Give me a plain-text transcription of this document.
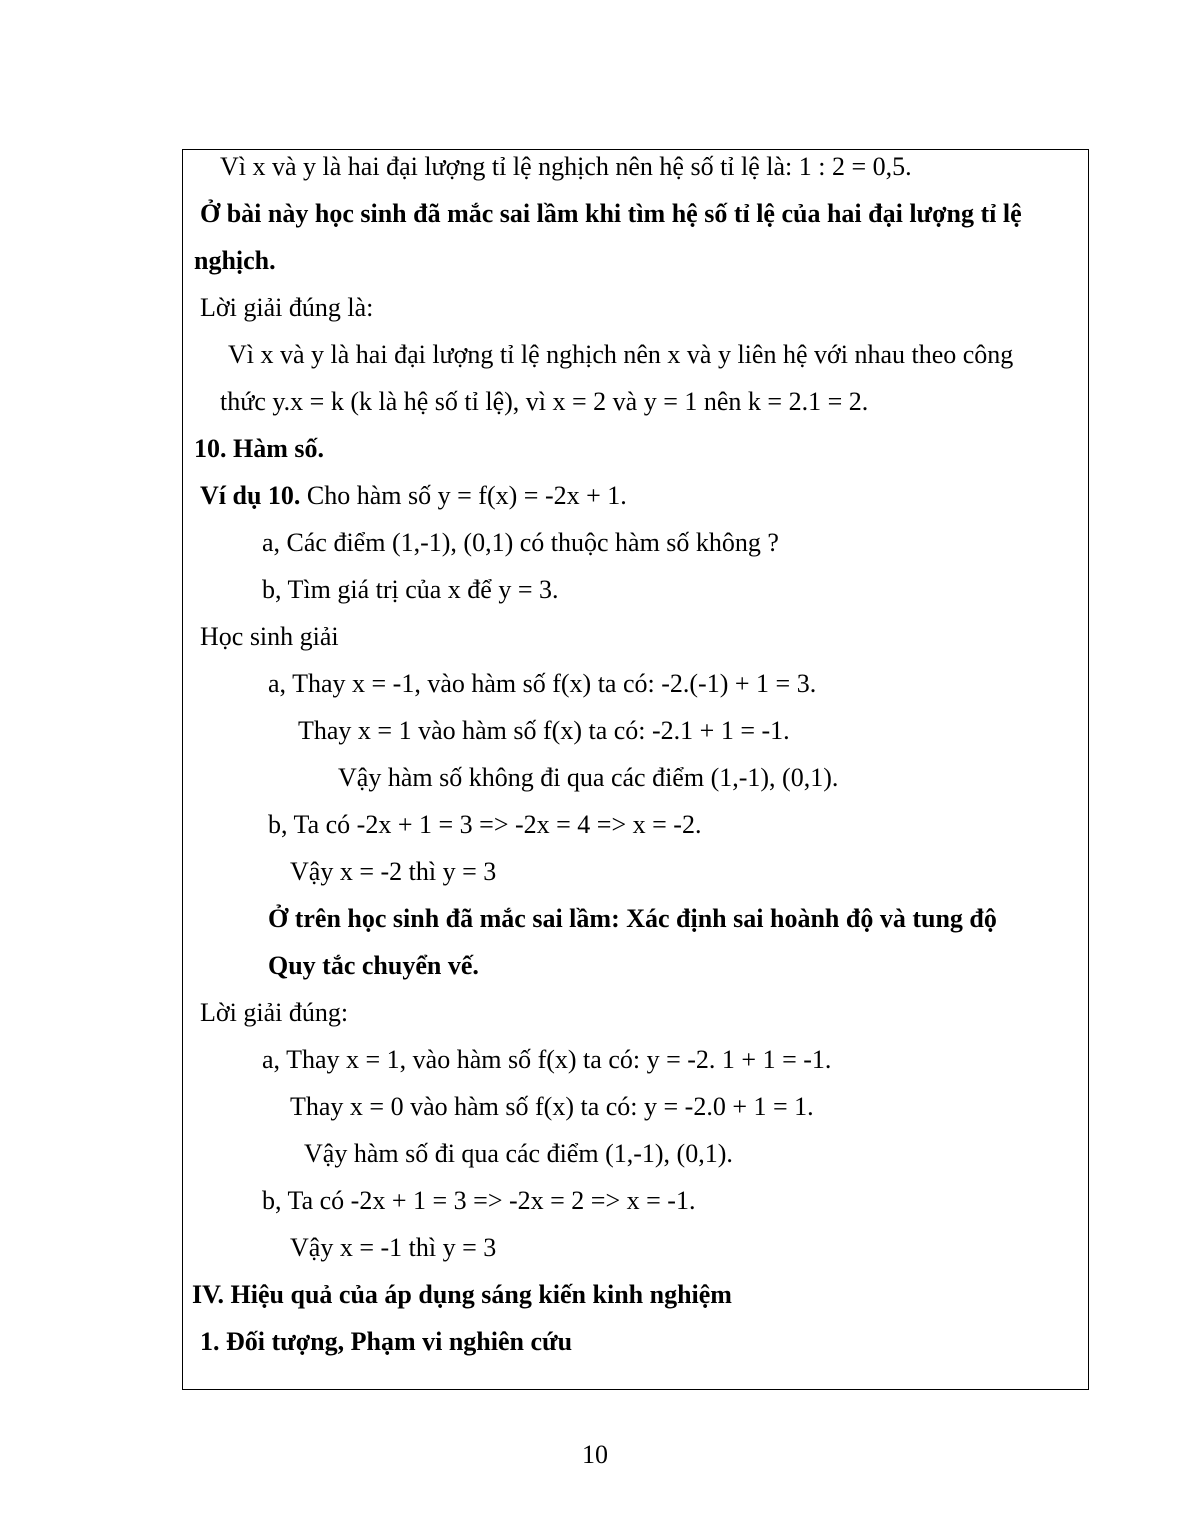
Vì x và y là hai đại lượng tỉ lệ nghịch nên hệ số tỉ lệ là: 1 : 2 = 0,5.
Ở bài này học sinh đã mắc sai lầm khi tìm hệ số tỉ lệ của hai đại lượng tỉ lệ
nghịch.
Lời giải đúng là:
Vì x và y là hai đại lượng tỉ lệ nghịch nên x và y liên hệ với nhau theo công
thức y.x = k (k là hệ số tỉ lệ), vì x = 2 và y = 1 nên k = 2.1 = 2.
10. Hàm số.
Ví dụ 10. Cho hàm số y = f(x) = -2x + 1.
a, Các điểm (1,-1), (0,1) có thuộc hàm số không ?
b, Tìm giá trị của x để y = 3.
Học sinh giải
a, Thay x = -1, vào hàm số f(x) ta có: -2.(-1) + 1 = 3.
Thay x = 1 vào hàm số f(x) ta có: -2.1 + 1 = -1.
Vậy hàm số không đi qua các điểm (1,-1), (0,1).
b, Ta có -2x + 1 = 3 => -2x = 4 => x = -2.
Vậy x = -2 thì y = 3
Ở trên học sinh đã mắc sai lầm: Xác định sai hoành độ và tung độ
Quy tắc chuyển vế.
Lời giải đúng:
a, Thay x = 1, vào hàm số f(x) ta có: y = -2. 1 + 1 = -1.
Thay x = 0 vào hàm số f(x) ta có: y = -2.0 + 1 = 1.
Vậy hàm số đi qua các điểm (1,-1), (0,1).
b, Ta có -2x + 1 = 3 => -2x = 2 => x = -1.
Vậy x = -1 thì y = 3
IV. Hiệu quả của áp dụng sáng kiến kinh nghiệm
1. Đối tượng, Phạm vi nghiên cứu
10
